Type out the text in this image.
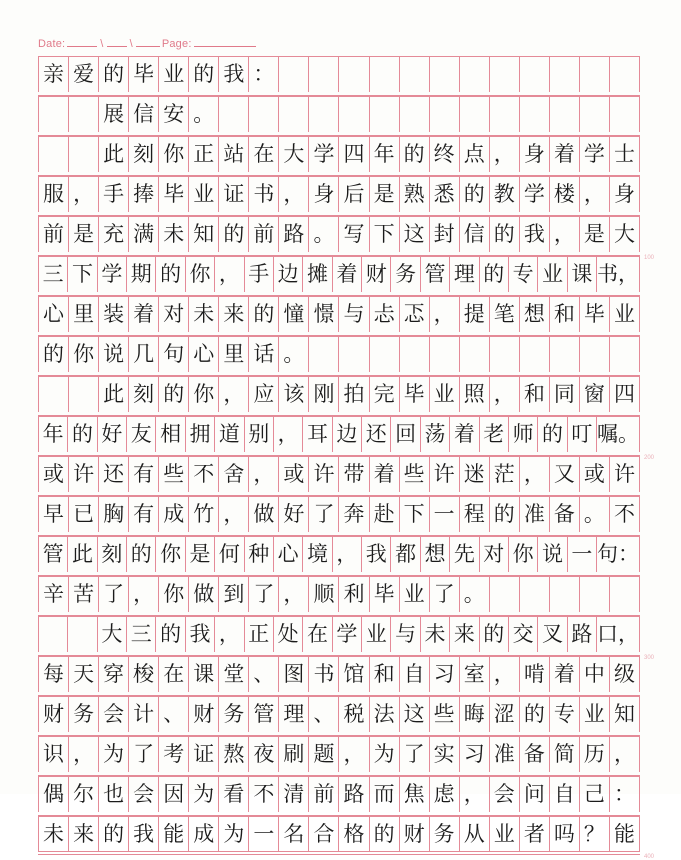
Date:	\ \	Page:
亲 爱 的 毕 业 的 我 ：
展 信 安 。
此 刻 你 正 站 在 大 学 四 年 的 终 点 ， 身 着 学 士
服 ， 手 捧 毕 业 证 书 ， 身 后 是 熟 悉 的 教 学 楼 ， 身
前 是 充 满 未 知 的 前 路 。 写 下 这 封 信 的 我 ， 是 大
100
三 下 学 期 的 你 ， 手 边 摊 着 财 务 管 理 的 专 业 课 书，
心 里 装 着 对 未 来 的 憧 憬 与 忐 忑 ， 提 笔 想 和 毕 业
的 你 说 几 句 心 里 话 。
此 刻 的 你 ， 应 该 刚 拍 完 毕 业 照 ， 和 同 窗 四
年 的 好 友 相 拥 道 别 ， 耳 边 还 回 荡 着 老 师 的 叮 嘱。
200
或 许 还 有 些 不 舍 ， 或 许 带 着 些 许 迷 茫 ， 又 或 许
早 已 胸 有 成 竹 ， 做 好 了 奔 赴 下 一 程 的 准 备 。 不
管 此 刻 的 你 是 何 种 心 境 ， 我 都 想 先 对 你 说 一 句：
辛 苦 了 ， 你 做 到 了 ， 顺 利 毕 业 了 。
大 三 的 我 ， 正 处 在 学 业 与 未 来 的 交 叉 路 口，
300
每 天 穿 梭 在 课 堂 、 图 书 馆 和 自 习 室 ， 啃 着 中 级
财 务 会 计 、 财 务 管 理 、 税 法 这 些 晦 涩 的 专 业 知
识 ， 为 了 考 证 熬 夜 刷 题 ， 为 了 实 习 准 备 简 历 ，
偶 尔 也 会 因 为 看 不 清 前 路 而 焦 虑 ， 会 问 自 己 ：
未 来 的 我 能 成 为 一 名 合 格 的 财 务 从 业 者 吗 ？ 能
400
